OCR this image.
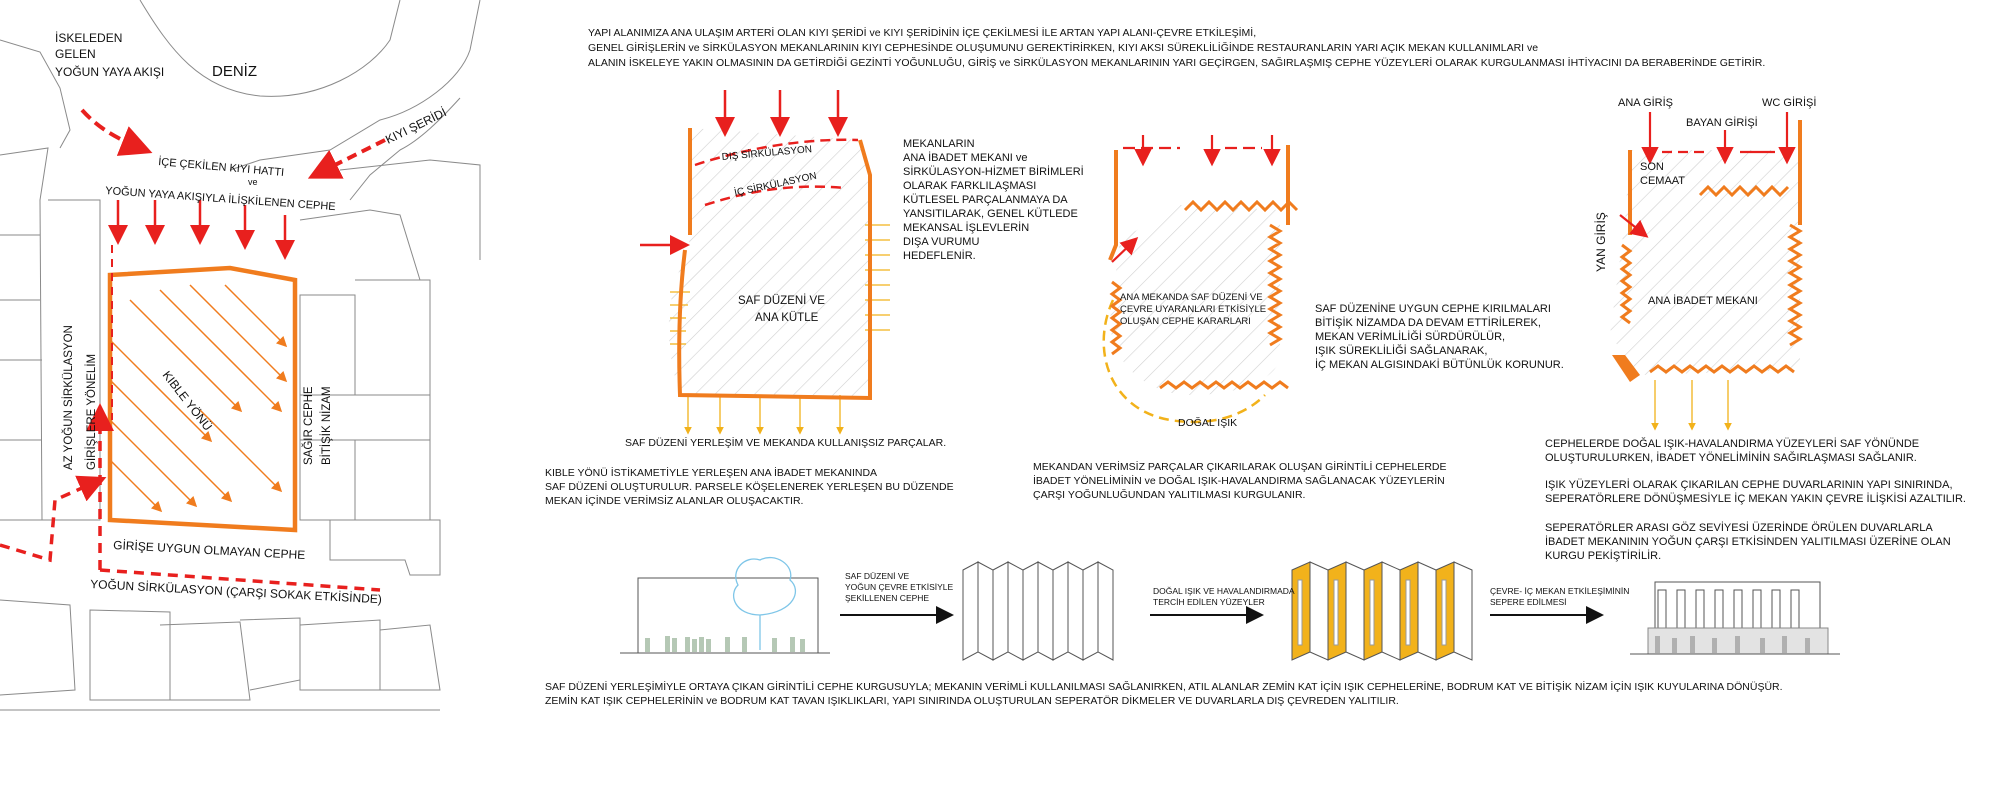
İSKELEDEN
GELEN
YOĞUN YAYA AKIŞI	DENİZ
KIYI ŞERİDİ
İÇE ÇEKİLEN KIYI HATTI
ve
YOĞUN YAYA AKIŞIYLA İLİŞKİLENEN CEPHE
AZ YOĞUN SİRKÜLASYON GİRİŞLERE YÖNELİM	KIBLE YÖNÜ	SAĞIR CEPHE BİTİŞİK NİZAM
GİRİŞE UYGUN OLMAYAN CEPHE
YOĞUN SİRKÜLASYON (ÇARŞI SOKAK ETKİSİNDE)
DIŞ SİRKÜLASYON
İÇ SİRKÜLASYON
SAF DÜZENİ VE
ANA KÜTLE
SAF DÜZENİ YERLEŞİM VE MEKANDA KULLANIŞSIZ PARÇALAR.
ANA MEKANDA SAF DÜZENİ VE
ÇEVRE UYARANLARI ETKİSİYLE
OLUŞAN CEPHE KARARLARI
DOĞAL IŞIK
ANA GİRİŞ	WC GİRİŞİ
BAYAN GİRİŞİ
SON
CEMAAT
YAN GİRİŞ
ANA İBADET MEKANI
SAF DÜZENİ VE
YOĞUN ÇEVRE ETKİSİYLE
ŞEKİLLENEN CEPHE
DOĞAL IŞIK VE HAVALANDIRMADA
TERCİH EDİLEN YÜZEYLER
ÇEVRE- İÇ MEKAN ETKİLEŞİMİNİN
SEPERE EDİLMESİ
YAPI ALANIMIZA ANA ULAŞIM ARTERİ OLAN KIYI ŞERİDİ ve KIYI ŞERİDİNİN İÇE ÇEKİLMESİ İLE ARTAN YAPI ALANI-ÇEVRE ETKİLEŞİMİ,
GENEL GİRİŞLERİN ve SİRKÜLASYON MEKANLARININ KIYI CEPHESİNDE OLUŞUMUNU GEREKTİRİRKEN, KIYI AKSI SÜREKLİLİĞİNDE RESTAURANLARIN YARI AÇIK MEKAN KULLANIMLARI ve
ALANIN İSKELEYE YAKIN OLMASININ DA GETİRDİĞİ GEZİNTİ YOĞUNLUĞU, GİRİŞ ve SİRKÜLASYON MEKANLARININ YARI GEÇİRGEN, SAĞIRLAŞMIŞ CEPHE YÜZEYLERİ OLARAK KURGULANMASI İHTİYACINI DA BERABERİNDE GETİRİR.
MEKANLARIN
ANA İBADET MEKANI ve
SİRKÜLASYON-HİZMET BİRİMLERİ
OLARAK FARKLILAŞMASI
KÜTLESEL PARÇALANMAYA DA
YANSITILARAK, GENEL KÜTLEDE
MEKANSAL İŞLEVLERİN
DIŞA VURUMU
HEDEFLENİR.
KIBLE YÖNÜ İSTİKAMETİYLE YERLEŞEN ANA İBADET MEKANINDA
SAF DÜZENİ OLUŞTURULUR. PARSELE KÖŞELENEREK YERLEŞEN BU DÜZENDE
MEKAN İÇİNDE VERİMSİZ ALANLAR OLUŞACAKTIR.
SAF DÜZENİNE UYGUN CEPHE KIRILMALARI
BİTİŞİK NİZAMDA DA DEVAM ETTİRİLEREK,
MEKAN VERİMLİLİĞİ SÜRDÜRÜLÜR,
IŞIK SÜREKLİLİĞİ SAĞLANARAK,
İÇ MEKAN ALGISINDAKİ BÜTÜNLÜK KORUNUR.
MEKANDAN VERİMSİZ PARÇALAR ÇIKARILARAK OLUŞAN GİRİNTİLİ CEPHELERDE
İBADET YÖNELİMİNİN ve DOĞAL IŞIK-HAVALANDIRMA SAĞLANACAK YÜZEYLERİN
ÇARŞI YOĞUNLUĞUNDAN YALITILMASI KURGULANIR.
CEPHELERDE DOĞAL IŞIK-HAVALANDIRMA YÜZEYLERİ SAF YÖNÜNDE
OLUŞTURULURKEN, İBADET YÖNELİMİNİN SAĞIRLAŞMASI SAĞLANIR.
IŞIK YÜZEYLERİ OLARAK ÇIKARILAN CEPHE DUVARLARININ YAPI SINIRINDA,
SEPERATÖRLERE DÖNÜŞMESİYLE İÇ MEKAN YAKIN ÇEVRE İLİŞKİSİ AZALTILIR.
SEPERATÖRLER ARASI GÖZ SEVİYESİ ÜZERİNDE ÖRÜLEN DUVARLARLA
İBADET MEKANININ YOĞUN ÇARŞI ETKİSİNDEN YALITILMASI ÜZERİNE OLAN
KURGU PEKİŞTİRİLİR.
SAF DÜZENİ YERLEŞİMİYLE ORTAYA ÇIKAN GİRİNTİLİ CEPHE KURGUSUYLA; MEKANIN VERİMLİ KULLANILMASI SAĞLANIRKEN, ATIL ALANLAR ZEMİN KAT İÇİN IŞIK CEPHELERİNE, BODRUM KAT VE BİTİŞİK NİZAM İÇİN IŞIK KUYULARINA DÖNÜŞÜR.
ZEMİN KAT IŞIK CEPHELERİNİN ve BODRUM KAT TAVAN IŞIKLIKLARI, YAPI SINIRINDA OLUŞTURULAN SEPERATÖR DİKMELER VE DUVARLARLA DIŞ ÇEVREDEN YALITILIR.
